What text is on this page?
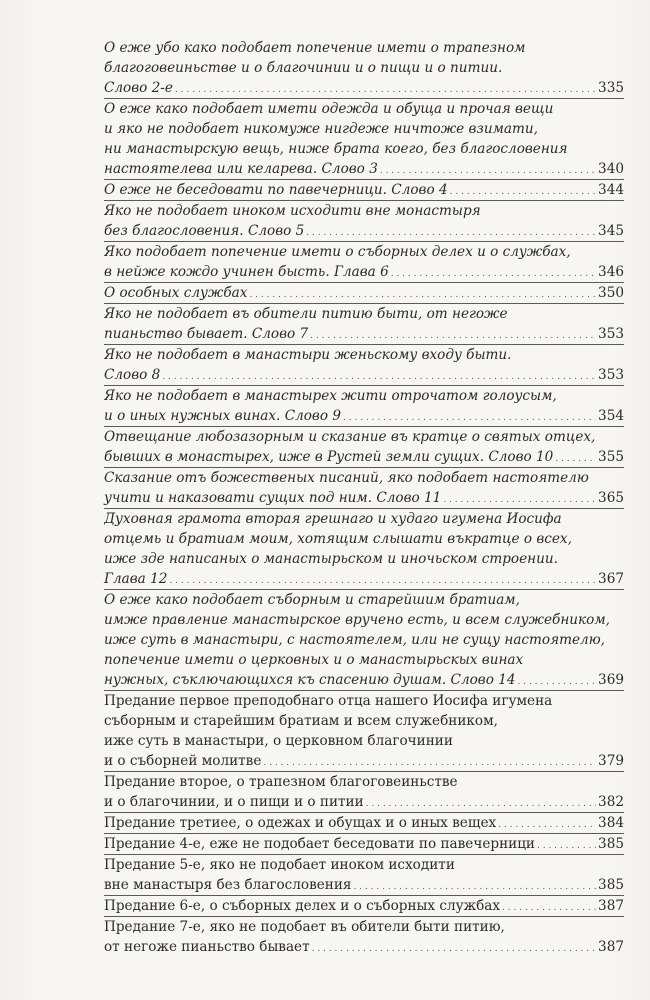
О еже убо како подобает попечение имети о трапезном
благоговеиньстве и о благочинии и о пищи и о питии.
Слово 2-е . . .	335
О еже како подобает имети одежда и обуща и прочая вещи
и яко не подобает никомуже нигдеже ничтоже взимати,
ни манастырскую вещь, ниже брата коего, без благословения
настоятелева или келарева. Слово 3 . . .	340
О еже не беседовати по павечерници. Слово 4 . . .	344
Яко не подобает иноком исходити вне монастыря
без благословения. Слово 5 . . .	345
Яко подобает попечение имети о съборных делех и о службах,
в нейже кождо учинен бысть. Глава 6 . . .	346
О особных службах . . .	350
Яко не подобает въ обители питию быти, от негоже
пианьство бывает. Слово 7 . . .	353
Яко не подобает в манастыри женьскому входу быти.
Слово 8 . . .	353
Яко не подобает в манастырех жити отрочатом голоусым,
и о иных нужных винах. Слово 9 . . .	354
Отвещание любозазорным и сказание въ кратце о святых отцех,
бывших в монастырех, иже в Рустей земли сущих. Слово 10 . . .	355
Сказание отъ божественых писаний, яко подобает настоятелю
учити и наказовати сущих под ним. Слово 11 . . .	365
Духовная грамота вторая грешнаго и худаго игумена Иосифа
отцемь и братиам моим, хотящим слышати въкратце о всех,
иже зде написаных о манастырьском и иночьском строении.
Глава 12 . . .	367
О еже како подобает съборным и старейшим братиам,
имже правление манастырское вручено есть, и всем служебником,
иже суть в манастыри, с настоятелем, или не сущу настоятелю,
попечение имети о церковных и о манастырьскых винах
нужных, съключающихся къ спасению душам. Слово 14 . . .	369
Предание первое преподобнаго отца нашего Иосифа игумена
съборным и старейшим братиам и всем служебником,
иже суть в манастыри, о церковном благочинии
и о съборней молитве . . .	379
Предание второе, о трапезном благоговеиньстве
и о благочинии, и о пищи и о питии . . .	382
Предание третиее, о одежах и обущах и о иных вещех . . .	384
Предание 4-е, еже не подобает беседовати по павечерници . . .	385
Предание 5-е, яко не подобает иноком исходити
вне манастыря без благословения . . .	385
Предание 6-е, о съборных делех и о съборных службах . . .	387
Предание 7-е, яко не подобает въ обители быти питию,
от негоже пианьство бывает . . .	387
